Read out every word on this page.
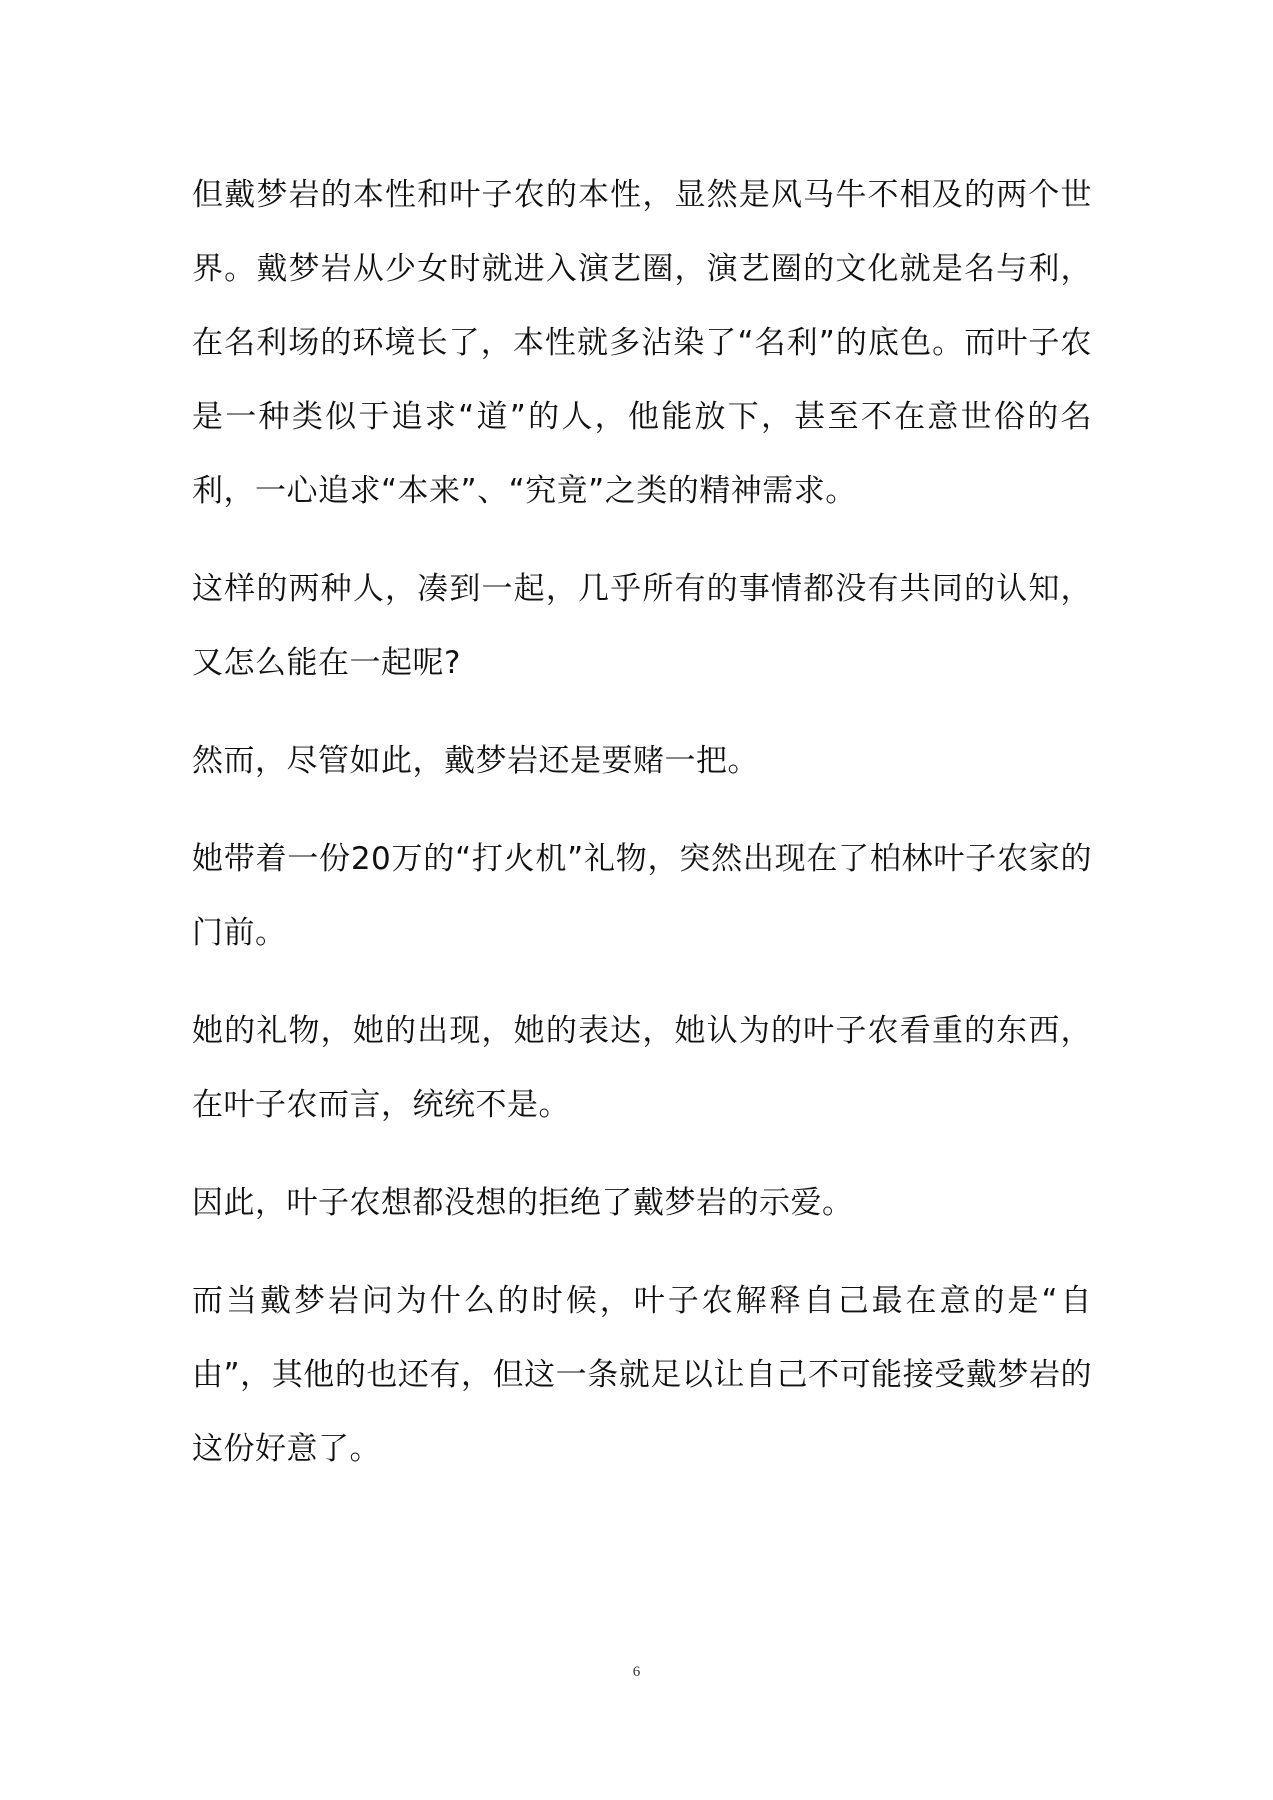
但戴梦岩的本性和叶子农的本性，显然是风马牛不相及的两个世界。戴梦岩从少女时就进入演艺圈，演艺圈的文化就是名与利，在名利场的环境长了，本性就多沾染了“名利”的底色。而叶子农是一种类似于追求“道”的人，他能放下，甚至不在意世俗的名利，一心追求“本来”、“究竟”之类的精神需求。

这样的两种人，凑到一起，几乎所有的事情都没有共同的认知，又怎么能在一起呢?

然而，尽管如此，戴梦岩还是要赌一把。

她带着一份20万的“打火机”礼物，突然出现在了柏林叶子农家的门前。

她的礼物，她的出现，她的表达，她认为的叶子农看重的东西，在叶子农而言，统统不是。

因此，叶子农想都没想的拒绝了戴梦岩的示爱。

而当戴梦岩问为什么的时候，叶子农解释自己最在意的是“自由”，其他的也还有，但这一条就足以让自己不可能接受戴梦岩的这份好意了。

6
